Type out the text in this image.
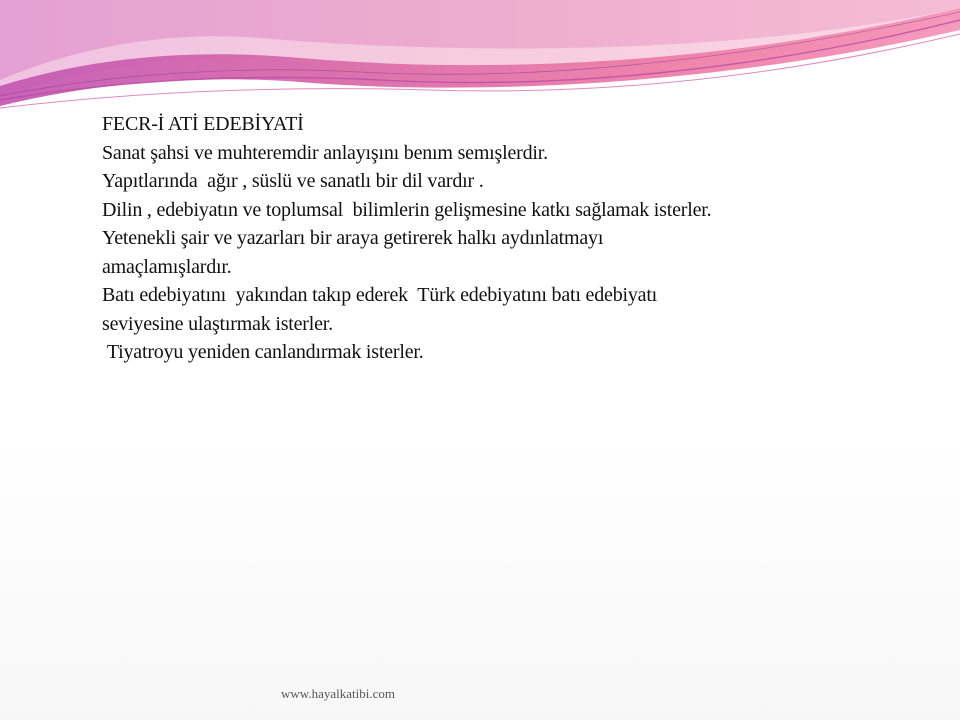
FECR-İ ATİ EDEBİYATİ

Sanat şahsi ve muhteremdir anlayışını benım semışlerdir.

Yapıtlarında  ağır , süslü ve sanatlı bir dil vardır .

Dilin , edebiyatın ve toplumsal  bilimlerin gelişmesine katkı sağlamak isterler.

Yetenekli şair ve yazarları bir araya getirerek halkı aydınlatmayı

amaçlamışlardır.

Batı edebiyatını  yakından takıp ederek  Türk edebiyatını batı edebiyatı

seviyesine ulaştırmak isterler.

Tiyatroyu yeniden canlandırmak isterler.

www.hayalkatibi.com
